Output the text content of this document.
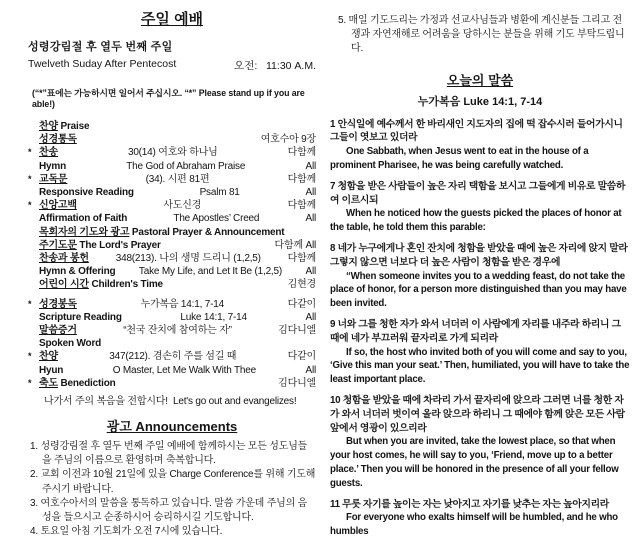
주일 예배
성령강림절 후 열두 번째 주일
Twelveth Suday After Pentecost	오전:   11:30 A.M.
(“*”표에는 가능하시면 일어서 주십시오. “*” Please stand up if you are able!)
찬양 Praise
성경통독	여호수아 9장
* 찬송	30(14) 여호와 하나님	다함께
Hymn	The God of Abraham Praise	All
* 교독문	(34). 시편 81편	다함께
Responsive Reading	Psalm 81	All
* 신앙고백	사도신경	다함께
Affirmation of Faith	The Apostles’ Creed	All
목회자의 기도와 광고 Pastoral Prayer & Announcement
주기도문 The Lord's Prayer	다함께 All
찬송과 봉헌	348(213). 나의 생명 드리니 (1,2,5)	다함께
Hymn & Offering	Take My Life, and Let It Be (1,2,5)	All
어린이 시간 Children's Time	김현경
* 성경봉독	누가복음 14:1, 7-14	다같이
Scripture Reading	Luke 14:1, 7-14	All
말씀증거	“천국 잔치에 참여하는 자”	김다니엘
Spoken Word
* 찬양	347(212). 겸손히 주를 섬길 때	다같이
Hyun	O Master, Let Me Walk With Thee	All
* 축도 Benediction	김다니엘
나가서 주의 복음을 전합시다!  Let's go out and evangelizes!
광고 Announcements

1. 성령강림절 후 열두 번째 주일 예배에 함께하시는 모든 성도님들을 주님의 이름으로 환영하며 축복합니다.

2. 교회 이전과 10월 21일에 있을 Charge Conference를 위해 기도해 주시기 바랍니다.

3. 여호수아서의 말씀을 통독하고 있습니다. 말씀 가운데 주님의 음성을 들으시고 순종하시어 승리하시길 기도합니다.

4. 토요일 아침 기도회가 오전 7시에 있습니다.

5. 매일 기도드리는 가정과 선교사님들과 병환에 계신분들 그리고 전쟁과 자연재해로 어려움을 당하시는 분들을 위해 기도 부탁드립니다.

오늘의 말씀
누가복음 Luke 14:1, 7-14
1 안식일에 예수께서 한 바리새인 지도자의 집에 떡 잡수시러 들어가시니 그들이 엿보고 있더라
One Sabbath, when Jesus went to eat in the house of a prominent Pharisee, he was being carefully watched.
7 청함을 받은 사람들이 높은 자리 택함을 보시고 그들에게 비유로 말씀하여 이르시되
When he noticed how the guests picked the places of honor at the table, he told them this parable:
8 네가 누구에게나 혼인 잔치에 청함을 받았을 때에 높은 자리에 앉지 말라 그렇지 않으면 너보다 더 높은 사람이 청함을 받은 경우에
“When someone invites you to a wedding feast, do not take the place of honor, for a person more distinguished than you may have been invited.
9 너와 그를 청한 자가 와서 너더러 이 사람에게 자리를 내주라 하리니 그 때에 네가 부끄러워 끝자리로 가게 되리라
If so, the host who invited both of you will come and say to you, ‘Give this man your seat.’ Then, humiliated, you will have to take the least important place.
10 청함을 받았을 때에 차라리 가서 끝자리에 앉으라 그러면 너를 청한 자가 와서 너더러 벗이여 올라 앉으라 하리니 그 때에야 함께 앉은 모든 사람 앞에서 영광이 있으리라
But when you are invited, take the lowest place, so that when your host comes, he will say to you, ‘Friend, move up to a better place.’ Then you will be honored in the presence of all your fellow guests.
11 무릇 자기를 높이는 자는 낮아지고 자기를 낮추는 자는 높아지리라
For everyone who exalts himself will be humbled, and he who humbles
